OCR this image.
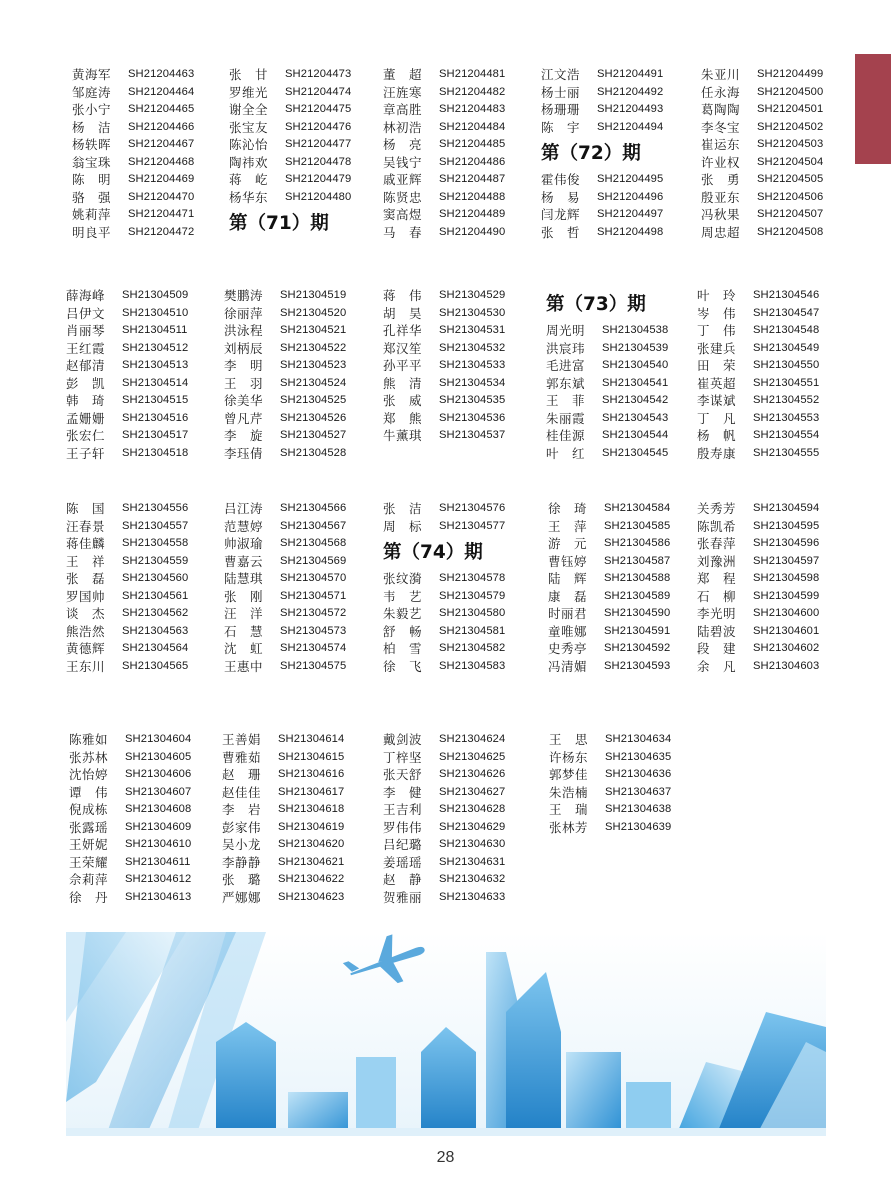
黄海军	SH21204463
邹庭涛	SH21204464
张小宁	SH21204465
杨　洁	SH21204466
杨轶晖	SH21204467
翁宝珠	SH21204468
陈　明	SH21204469
骆　强	SH21204470
姚莉萍	SH21204471
明良平	SH21204472
张　甘	SH21204473
罗维光	SH21204474
谢全全	SH21204475
张宝友	SH21204476
陈沁怡	SH21204477
陶祎欢	SH21204478
蒋　屹	SH21204479
杨华东	SH21204480
第（71）期
董　超	SH21204481
汪旌寒	SH21204482
章高胜	SH21204483
林初浩	SH21204484
杨　亮	SH21204485
吴钱宁	SH21204486
戚亚辉	SH21204487
陈贤忠	SH21204488
窦高煜	SH21204489
马　春	SH21204490
江文浩	SH21204491
杨士丽	SH21204492
杨珊珊	SH21204493
陈　宇	SH21204494
第（72）期
霍伟俊	SH21204495
杨　易	SH21204496
闫龙辉	SH21204497
张　哲	SH21204498
朱亚川	SH21204499
任永海	SH21204500
葛陶陶	SH21204501
李冬宝	SH21204502
崔运东	SH21204503
许业权	SH21204504
张　勇	SH21204505
殷亚东	SH21204506
冯秋果	SH21204507
周忠超	SH21204508
薛海峰	SH21304509
吕伊文	SH21304510
肖丽琴	SH21304511
王红霞	SH21304512
赵郁清	SH21304513
彭　凯	SH21304514
韩　琦	SH21304515
孟姗姗	SH21304516
张宏仁	SH21304517
王子轩	SH21304518
樊鹏涛	SH21304519
徐丽萍	SH21304520
洪泳程	SH21304521
刘柄辰	SH21304522
李　明	SH21304523
王　羽	SH21304524
徐美华	SH21304525
曾凡芹	SH21304526
李　旋	SH21304527
李珏倩	SH21304528
蒋　伟	SH21304529
胡　昊	SH21304530
孔祥华	SH21304531
郑汉笙	SH21304532
孙平平	SH21304533
熊　清	SH21304534
张　威	SH21304535
郑　熊	SH21304536
牛薰琪	SH21304537
第（73）期
周光明	SH21304538
洪宸玮	SH21304539
毛进富	SH21304540
郭东斌	SH21304541
王　菲	SH21304542
朱丽霞	SH21304543
桂佳源	SH21304544
叶　红	SH21304545
叶　玲	SH21304546
岑　伟	SH21304547
丁　伟	SH21304548
张建兵	SH21304549
田　荣	SH21304550
崔英超	SH21304551
李谋斌	SH21304552
丁　凡	SH21304553
杨　帆	SH21304554
殷寿康	SH21304555
陈　国	SH21304556
汪春景	SH21304557
蒋佳麟	SH21304558
王　祥	SH21304559
张　磊	SH21304560
罗国帅	SH21304561
谈　杰	SH21304562
熊浩然	SH21304563
黄德辉	SH21304564
王东川	SH21304565
吕江涛	SH21304566
范慧婷	SH21304567
帅淑瑜	SH21304568
曹嘉云	SH21304569
陆慧琪	SH21304570
张　刚	SH21304571
汪　洋	SH21304572
石　慧	SH21304573
沈　虹	SH21304574
王惠中	SH21304575
张　洁	SH21304576
周　标	SH21304577
第（74）期
张纹漪	SH21304578
韦　艺	SH21304579
朱毅艺	SH21304580
舒　畅	SH21304581
柏　雪	SH21304582
徐　飞	SH21304583
徐　琦	SH21304584
王　萍	SH21304585
游　元	SH21304586
曹钰婷	SH21304587
陆　辉	SH21304588
康　磊	SH21304589
时丽君	SH21304590
童唯娜	SH21304591
史秀亭	SH21304592
冯清媚	SH21304593
关秀芳	SH21304594
陈凯希	SH21304595
张春萍	SH21304596
刘豫洲	SH21304597
郑　程	SH21304598
石　柳	SH21304599
李光明	SH21304600
陆碧波	SH21304601
段　建	SH21304602
余　凡	SH21304603
陈雅如	SH21304604
张苏林	SH21304605
沈怡婷	SH21304606
谭　伟	SH21304607
倪成栋	SH21304608
张露瑶	SH21304609
王妍妮	SH21304610
王荣耀	SH21304611
佘莉萍	SH21304612
徐　丹	SH21304613
王善娟	SH21304614
曹雅茹	SH21304615
赵　珊	SH21304616
赵佳佳	SH21304617
李　岩	SH21304618
彭家伟	SH21304619
吴小龙	SH21304620
李静静	SH21304621
张　璐	SH21304622
严娜娜	SH21304623
戴剑波	SH21304624
丁梓坚	SH21304625
张天舒	SH21304626
李　健	SH21304627
王吉利	SH21304628
罗伟伟	SH21304629
吕纪璐	SH21304630
姜瑶瑶	SH21304631
赵　静	SH21304632
贺雅丽	SH21304633
王　思	SH21304634
许杨东	SH21304635
郭梦佳	SH21304636
朱浩楠	SH21304637
王　瑞	SH21304638
张林芳	SH21304639
28
